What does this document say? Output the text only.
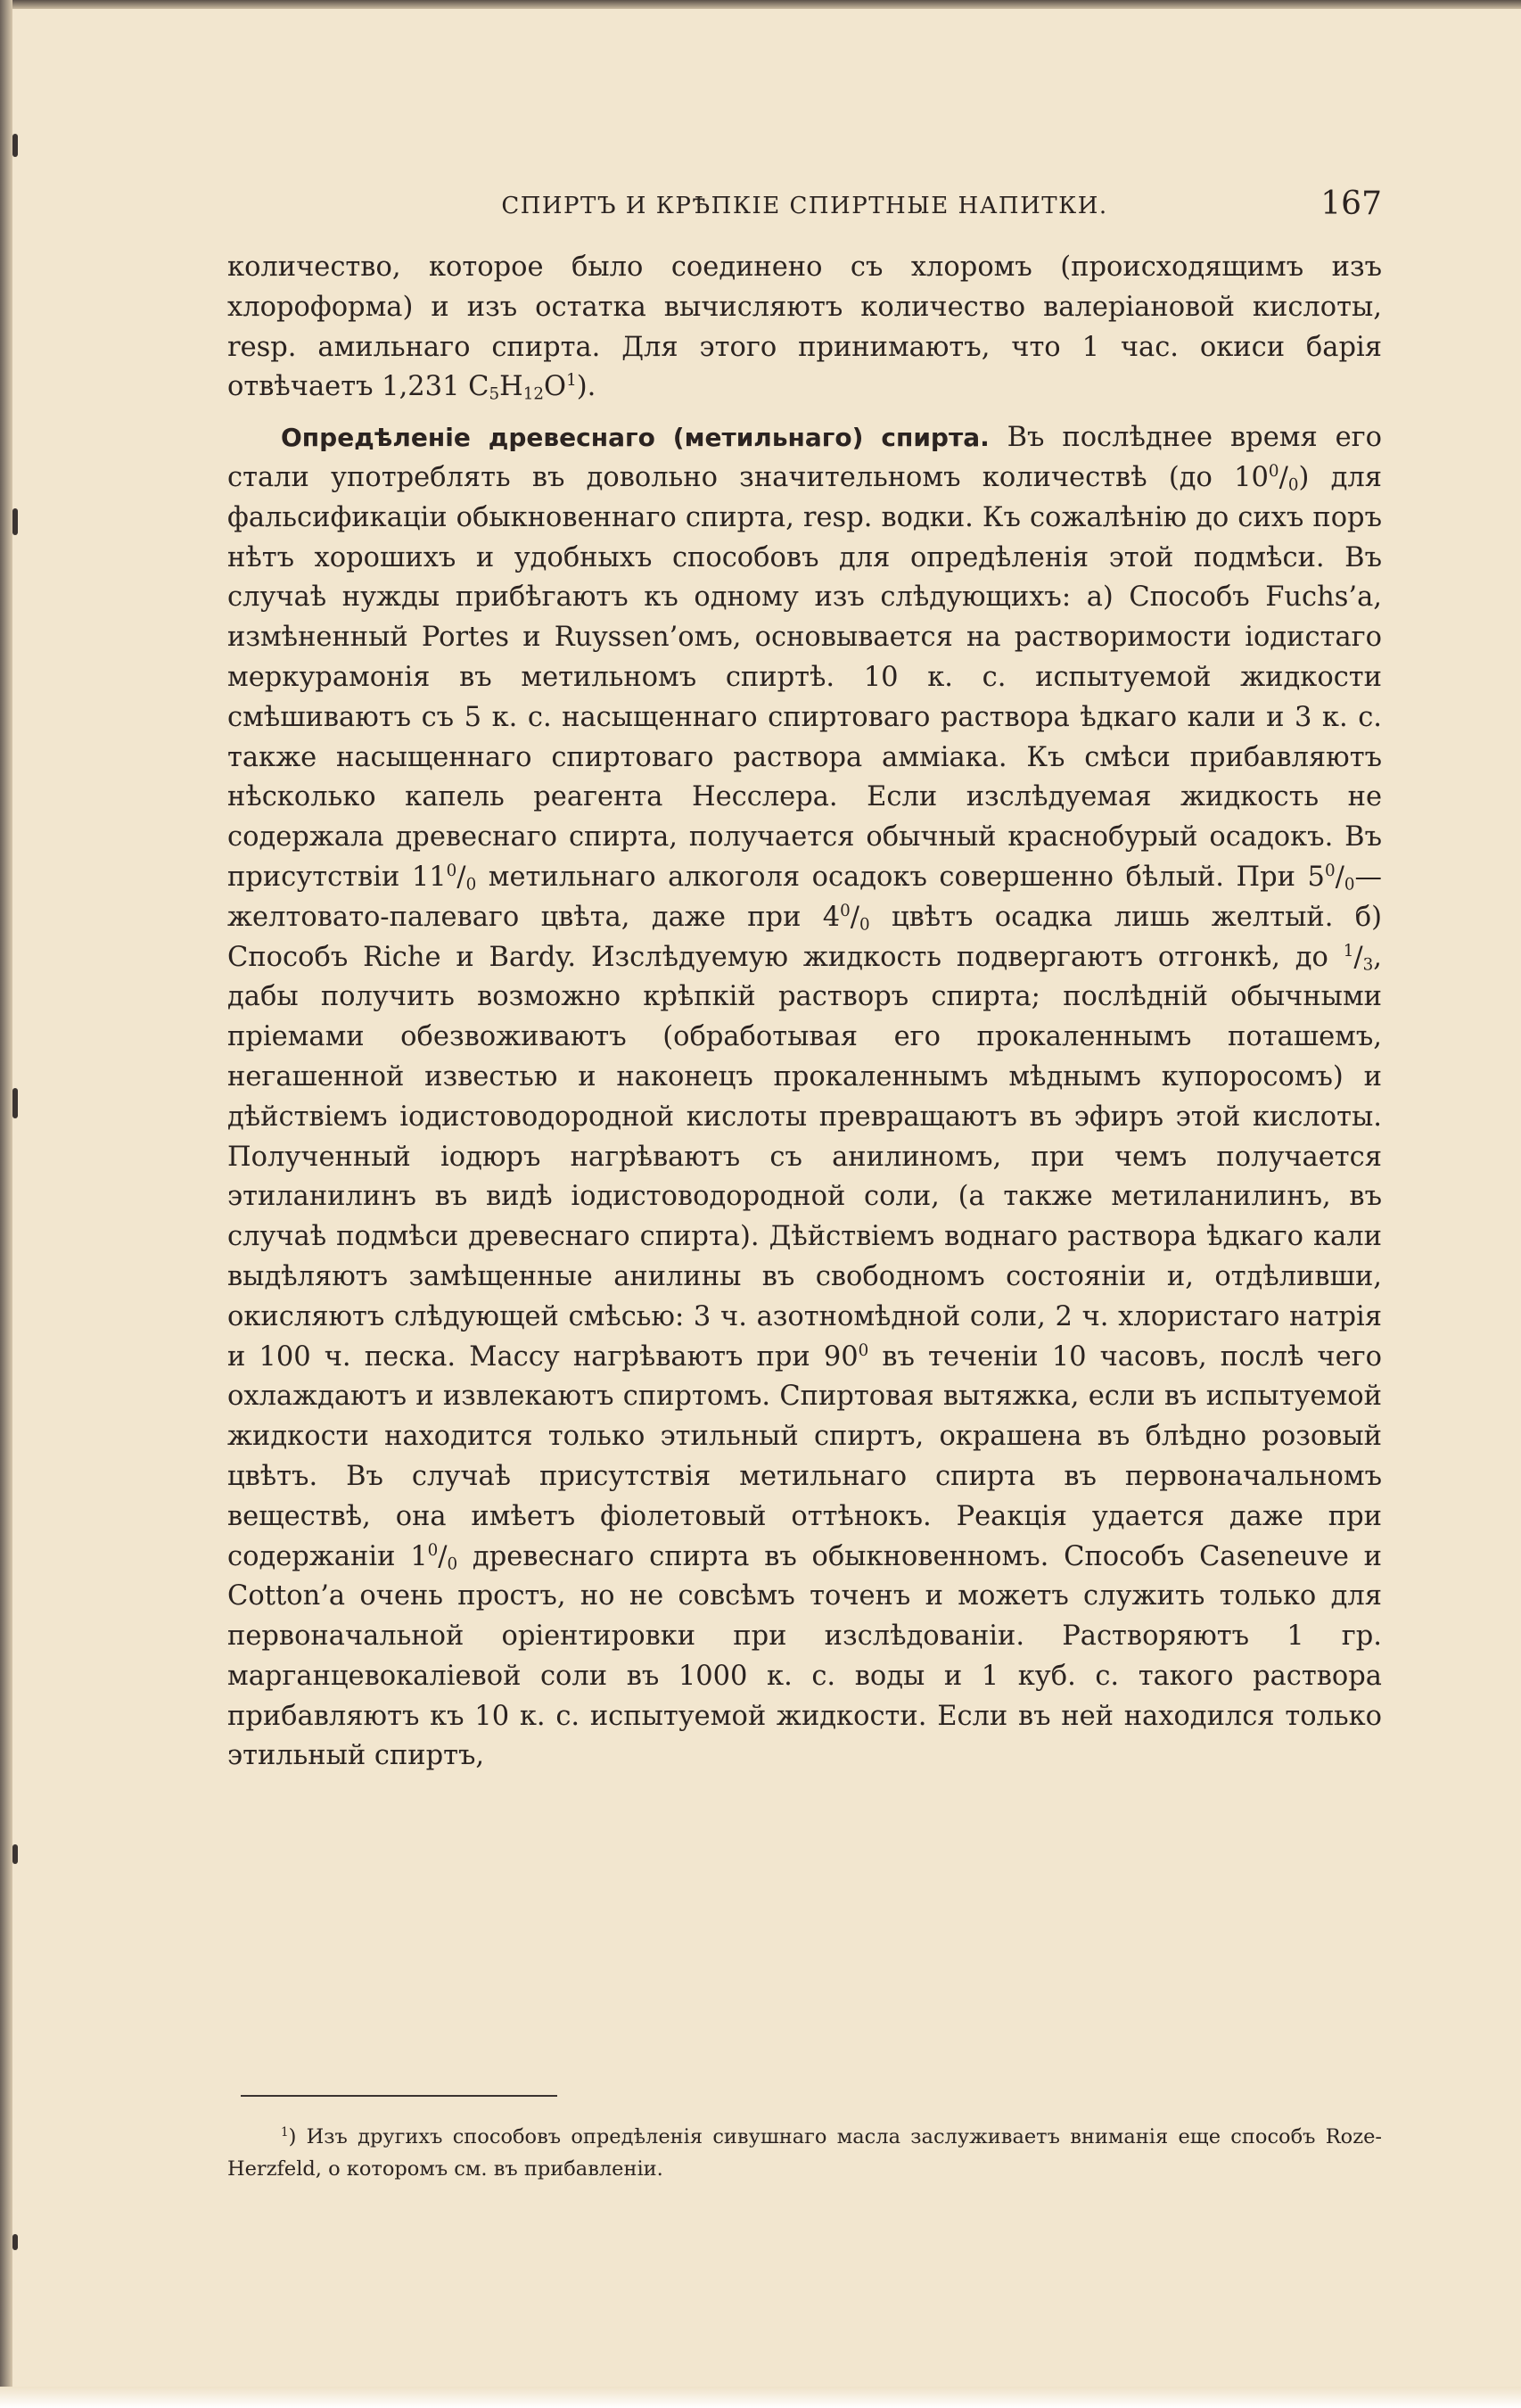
СПИРТЪ И КРѢПКІЕ СПИРТНЫЕ НАПИТКИ.	167

количество, которое было соединено съ хлоромъ (происходящимъ изъ хлороформа) и изъ остатка вычисляютъ количество валеріановой кислоты, resp. амильнаго спирта. Для этого принимаютъ, что 1 час. окиси барія отвѣчаетъ 1,231 $C_5H_{12}O^1$).

Опредѣленіе древеснаго (метильнаго) спирта. Въ послѣднее время его стали употреблять въ довольно значительномъ количествѣ (до $10^0/_0$) для фальсификаціи обыкновеннаго спирта, resp. водки. Къ сожалѣнію до сихъ поръ нѣтъ хорошихъ и удобныхъ способовъ для опредѣленія этой подмѣси. Въ случаѣ нужды прибѣгаютъ къ одному изъ слѣдующихъ: а) Способъ Fuchs’a, измѣненный Portes и Ruyssen’омъ, основывается на растворимости іодистаго меркурамонія въ метильномъ спиртѣ. 10 к. с. испытуемой жидкости смѣшиваютъ съ 5 к. с. насыщеннаго спиртоваго раствора ѣдкаго кали и 3 к. с. также насыщеннаго спиртоваго раствора амміака. Къ смѣси прибавляютъ нѣсколько капель реагента Несслера. Если изслѣдуемая жидкость не содержала древеснаго спирта, получается обычный краснобурый осадокъ. Въ присутствіи $11^0/_0$ метильнаго алкоголя осадокъ совершенно бѣлый. При $5^0/_0—желтовато$-палеваго цвѣта, даже при $4^0/_0$ цвѣтъ осадка лишь желтый. б) Способъ Riche и Bardy. Изслѣдуемую жидкость подвергаютъ отгонкѣ, до $^1/_3$, дабы получить возможно крѣпкій растворъ спирта; послѣдній обычными пріемами обезвоживаютъ (обработывая его прокаленнымъ поташемъ, негашенной известью и наконецъ прокаленнымъ мѣднымъ купоросомъ) и дѣйствіемъ іодистоводородной кислоты превращаютъ въ эфиръ этой кислоты. Полученный іодюръ нагрѣваютъ съ анилиномъ, при чемъ получается этиланилинъ въ видѣ іодистоводородной соли, (а также метиланилинъ, въ случаѣ подмѣси древеснаго спирта). Дѣйствіемъ воднаго раствора ѣдкаго кали выдѣляютъ замѣщенные анилины въ свободномъ состояніи и, отдѣливши, окисляютъ слѣдующей смѣсью: 3 ч. азотномѣдной соли, 2 ч. хлористаго натрія и 100 ч. песка. Массу нагрѣваютъ при $90^0$ въ теченіи 10 часовъ, послѣ чего охлаждаютъ и извлекаютъ спиртомъ. Спиртовая вытяжка, если въ испытуемой жидкости находится только этильный спиртъ, окрашена въ блѣдно розовый цвѣтъ. Въ случаѣ присутствія метильнаго спирта въ первоначальномъ веществѣ, она имѣетъ фіолетовый оттѣнокъ. Реакція удается даже при содержаніи $1^0/_0$ древеснаго спирта въ обыкновенномъ. Способъ Caseneuve и Cotton’a очень простъ, но не совсѣмъ точенъ и можетъ служить только для первоначальной оріентировки при изслѣдованіи. Растворяютъ 1 гр. марганцевокаліевой соли въ 1000 к. с. воды и 1 куб. с. такого раствора прибавляютъ къ 10 к. с. испытуемой жидкости. Если въ ней находился только этильный спиртъ,

$^1$) Изъ другихъ способовъ опредѣленія сивушнаго масла заслуживаетъ вниманія еще способъ Roze-Herzfeld, о которомъ см. въ прибавленіи.
